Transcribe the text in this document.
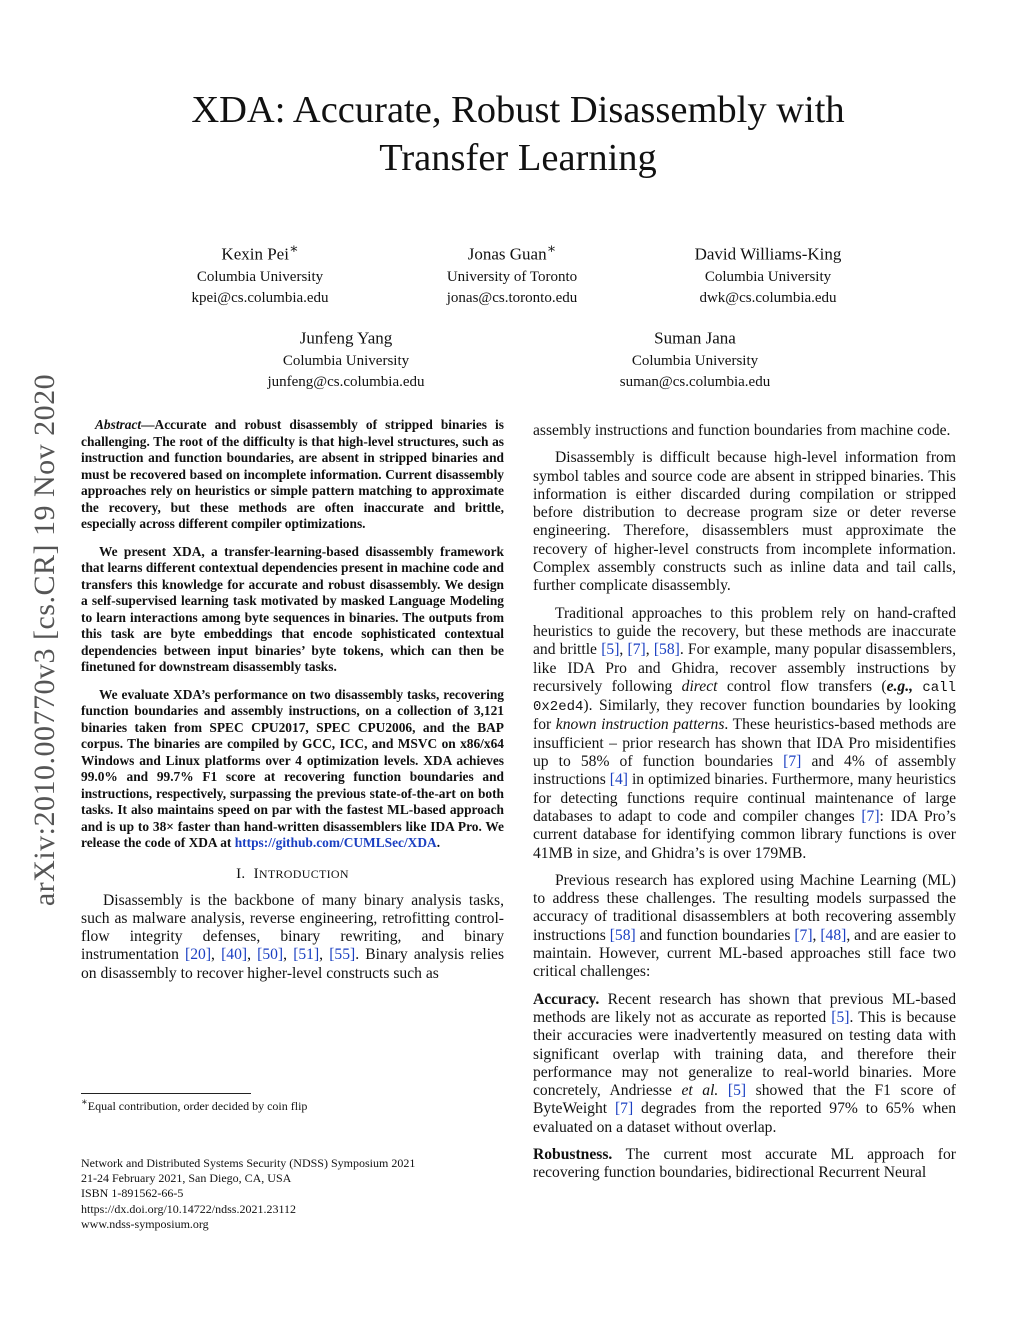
arXiv:2010.00770v3 [cs.CR] 19 Nov 2020
XDA: Accurate, Robust Disassembly with
Transfer Learning
Kexin Pei∗
Columbia University
kpei@cs.columbia.edu
Jonas Guan∗
University of Toronto
jonas@cs.toronto.edu
David Williams-King
Columbia University
dwk@cs.columbia.edu
Junfeng Yang
Columbia University
junfeng@cs.columbia.edu
Suman Jana
Columbia University
suman@cs.columbia.edu

Abstract—Accurate and robust disassembly of stripped binaries is challenging. The root of the difficulty is that high-level structures, such as instruction and function boundaries, are absent in stripped binaries and must be recovered based on incomplete information. Current disassembly approaches rely on heuristics or simple pattern matching to approximate the recovery, but these methods are often inaccurate and brittle, especially across different compiler optimizations.

We present XDA, a transfer-learning-based disassembly framework that learns different contextual dependencies present in machine code and transfers this knowledge for accurate and robust disassembly. We design a self-supervised learning task motivated by masked Language Modeling to learn interactions among byte sequences in binaries. The outputs from this task are byte embeddings that encode sophisticated contextual dependencies between input binaries’ byte tokens, which can then be finetuned for downstream disassembly tasks.

We evaluate XDA’s performance on two disassembly tasks, recovering function boundaries and assembly instructions, on a collection of 3,121 binaries taken from SPEC CPU2017, SPEC CPU2006, and the BAP corpus. The binaries are compiled by GCC, ICC, and MSVC on x86/x64 Windows and Linux platforms over 4 optimization levels. XDA achieves 99.0% and 99.7% F1 score at recovering function boundaries and instructions, respectively, surpassing the previous state-of-the-art on both tasks. It also maintains speed on par with the fastest ML-based approach and is up to 38× faster than hand-written disassemblers like IDA Pro. We release the code of XDA at https://github.com/CUMLSec/XDA.

I. INTRODUCTION

Disassembly is the backbone of many binary analysis tasks, such as malware analysis, reverse engineering, retrofitting control-flow integrity defenses, binary rewriting, and binary instrumentation [20], [40], [50], [51], [55]. Binary analysis relies on disassembly to recover higher-level constructs such as

assembly instructions and function boundaries from machine code.

Disassembly is difficult because high-level information from symbol tables and source code are absent in stripped binaries. This information is either discarded during compilation or stripped before distribution to decrease program size or deter reverse engineering. Therefore, disassemblers must approximate the recovery of higher-level constructs from incomplete information. Complex assembly constructs such as inline data and tail calls, further complicate disassembly.

Traditional approaches to this problem rely on hand-crafted heuristics to guide the recovery, but these methods are inaccurate and brittle [5], [7], [58]. For example, many popular disassemblers, like IDA Pro and Ghidra, recover assembly instructions by recursively following direct control flow transfers (e.g., call 0x2ed4). Similarly, they recover function boundaries by looking for known instruction patterns. These heuristics-based methods are insufficient – prior research has shown that IDA Pro misidentifies up to 58% of function boundaries [7] and 4% of assembly instructions [4] in optimized binaries. Furthermore, many heuristics for detecting functions require continual maintenance of large databases to adapt to code and compiler changes [7]: IDA Pro’s current database for identifying common library functions is over 41MB in size, and Ghidra’s is over 179MB.

Previous research has explored using Machine Learning (ML) to address these challenges. The resulting models surpassed the accuracy of traditional disassemblers at both recovering assembly instructions [58] and function boundaries [7], [48], and are easier to maintain. However, current ML-based approaches still face two critical challenges:

Accuracy. Recent research has shown that previous ML-based methods are likely not as accurate as reported [5]. This is because their accuracies were inadvertently measured on testing data with significant overlap with training data, and therefore their performance may not generalize to real-world binaries. More concretely, Andriesse et al. [5] showed that the F1 score of ByteWeight [7] degrades from the reported 97% to 65% when evaluated on a dataset without overlap.

Robustness. The current most accurate ML approach for recovering function boundaries, bidirectional Recurrent Neural

∗Equal contribution, order decided by coin flip
Network and Distributed Systems Security (NDSS) Symposium 2021
21-24 February 2021, San Diego, CA, USA
ISBN 1-891562-66-5
https://dx.doi.org/10.14722/ndss.2021.23112
www.ndss-symposium.org
